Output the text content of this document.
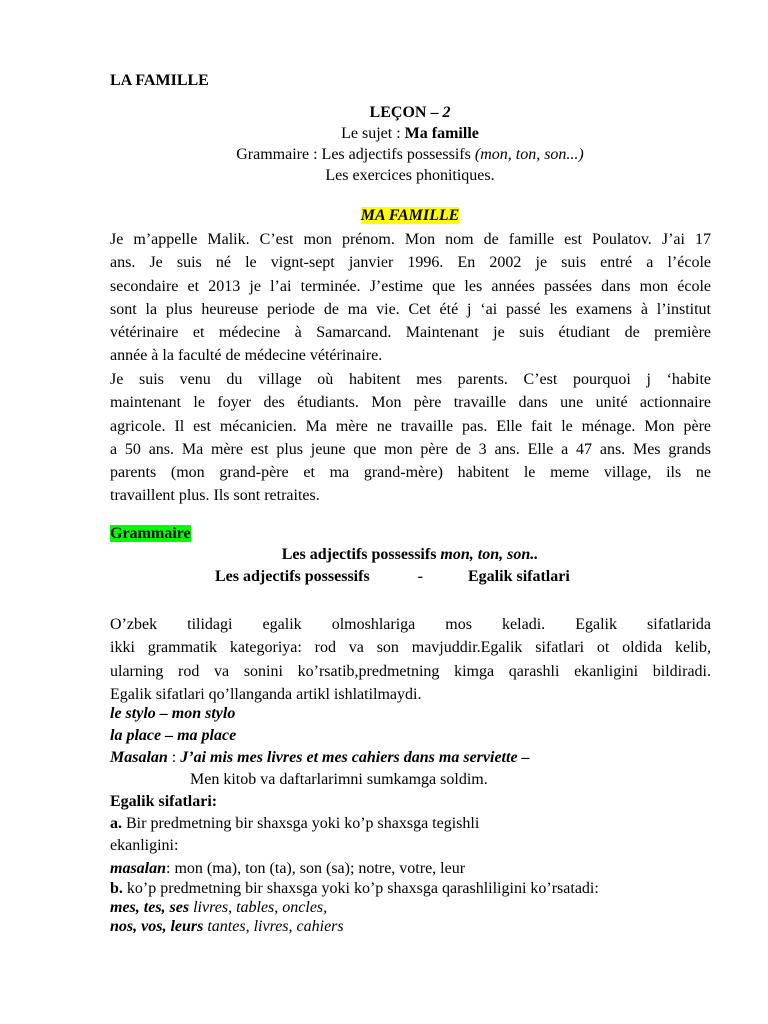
LA FAMILLE
LEÇON – 2
Le sujet : Ma famille
Grammaire : Les adjectifs possessifs (mon, ton, son...)
Les exercices phonitiques.
MA FAMILLE

Je m’appelle Malik. C’est mon prénom. Mon nom de famille est Poulatov. J’ai 17

ans. Je suis né le vignt-sept janvier 1996. En 2002 je suis entré a l’école

secondaire et 2013 je l’ai terminée. J’estime que les années passées dans mon école

sont la plus heureuse periode de ma vie. Cet été j ‘ai passé les examens à l’institut

vétérinaire et médecine à Samarcand. Maintenant je suis étudiant de première

année à la faculté de médecine vétérinaire.

Je suis venu du village où habitent mes parents. C’est pourquoi j ‘habite

maintenant le foyer des étudiants. Mon père travaille dans une unité actionnaire

agricole. Il est mécanicien. Ma mère ne travaille pas. Elle fait le ménage. Mon père

a 50 ans. Ma mère est plus jeune que mon père de 3 ans. Elle a 47 ans. Mes grands

parents (mon grand-père et ma grand-mère) habitent le meme village, ils ne

travaillent plus. Ils sont retraites.

Grammaire
Les adjectifs possessifs mon, ton, son..
Les adjectifs possessifs	-	Egalik sifatlari

O’zbek tilidagi egalik olmoshlariga mos keladi. Egalik sifatlarida

ikki grammatik kategoriya: rod va son mavjuddir.Egalik sifatlari ot oldida kelib,

ularning rod va sonini ko’rsatib,predmetning kimga qarashli ekanligini bildiradi.

Egalik sifatlari qo’llanganda artikl ishlatilmaydi.

le stylo – mon stylo
la place – ma place
Masalan : J’ai mis mes livres et mes cahiers dans ma serviette –
Men kitob va daftarlarimni sumkamga soldim.
Egalik sifatlari:
a. Bir predmetning bir shaxsga yoki ko’p shaxsga tegishli
ekanligini:
masalan: mon (ma), ton (ta), son (sa); notre, votre, leur
b. ko’p predmetning bir shaxsga yoki ko’p shaxsga qarashliligini ko’rsatadi:
mes, tes, ses livres, tables, oncles,
nos, vos, leurs tantes, livres, cahiers
